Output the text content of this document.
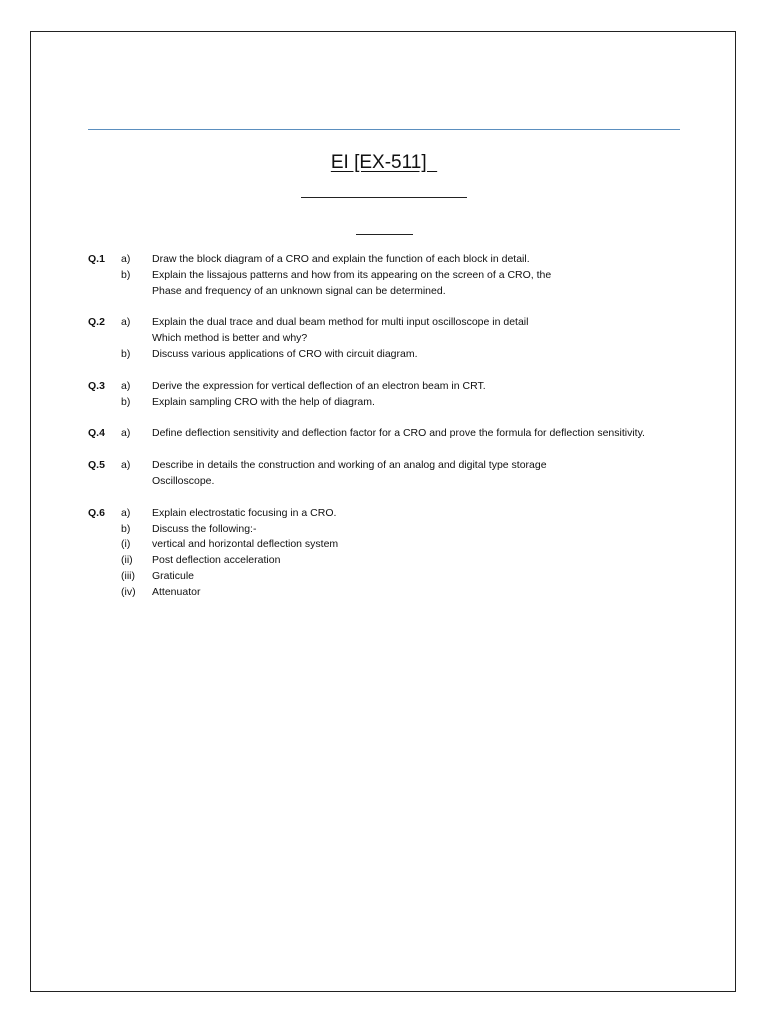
EI [EX-511]
Q.1	a)	Draw the block diagram of a CRO and explain the function of each block in detail.
b)	Explain the lissajous patterns and how from its appearing on the screen of a CRO, the
Phase and frequency of an unknown signal can be determined.
Q.2	a)	Explain the dual trace and dual beam method for multi input oscilloscope in detail
Which method is better and why?
b)	Discuss various applications of CRO with circuit diagram.
Q.3	a)	Derive the expression for vertical deflection of an electron beam in CRT.
b)	Explain sampling CRO with the help of diagram.
Q.4	a)	Define deflection sensitivity and deflection factor for a CRO and prove the formula for deflection sensitivity.
Q.5	a)	Describe in details the construction and working of an analog and digital type storage
Oscilloscope.
Q.6	a)	Explain electrostatic focusing in a CRO.
b)	Discuss the following:-
(i)	vertical and horizontal deflection system
(ii)	Post deflection acceleration
(iii)	Graticule
(iv)	Attenuator
